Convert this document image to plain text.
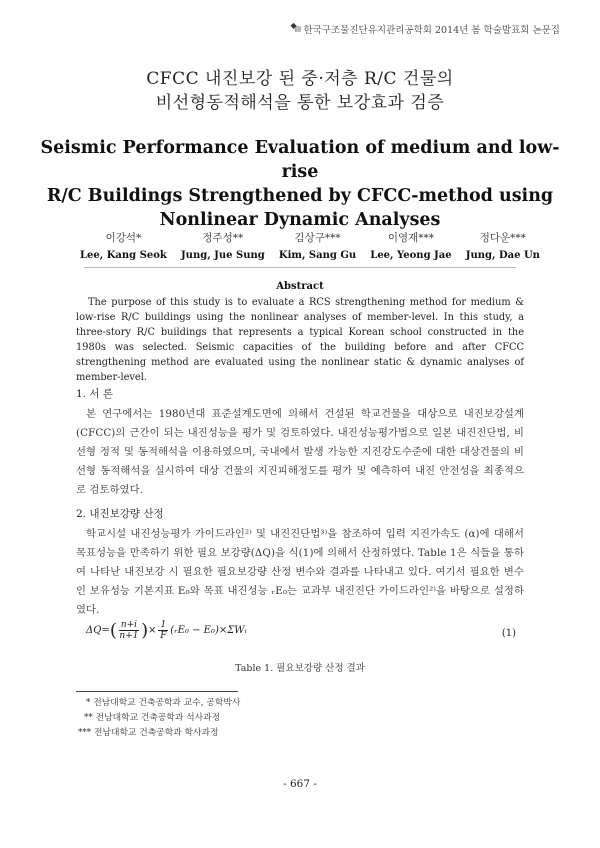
◆ ▤
한국구조물진단유지관리공학회 2014년 봄 학술발표회 논문집
CFCC 내진보강 된 중·저층 R/C 건물의
비선형동적해석을 통한 보강효과 검증
Seismic Performance Evaluation of medium and low-rise
R/C Buildings Strengthened by CFCC-method using
Nonlinear Dynamic Analyses
이강석*
Lee, Kang Seok
정주성**
Jung, Jue Sung
김상구***
Kim, Sang Gu
이영재***
Lee, Yeong Jae
정다운***
Jung, Dae Un
Abstract
The purpose of this study is to evaluate a RCS strengthening method for medium & low-rise R/C buildings using the nonlinear analyses of member-level. In this study, a three-story R/C buildings that represents a typical Korean school constructed in the 1980s was selected. Seismic capacities of the building before and after CFCC strengthening method are evaluated using the nonlinear static & dynamic analyses of member-level.
1. 서 론
본 연구에서는 1980년대 표준설계도면에 의해서 건설된 학교건물을 대상으로 내진보강설계(CFCC)의 근간이 되는 내진성능을 평가 및 검토하였다. 내진성능평가법으로 일본 내진진단법, 비선형 정적 및 동적해석을 이용하였으며, 국내에서 발생 가능한 지진강도수준에 대한 대상건물의 비선형 동적해석을 실시하여 대상 건물의 지진피해정도를 평가 및 예측하여 내진 안전성을 최종적으로 검토하였다.
2. 내진보강량 산정
학교시설 내진성능평가 가이드라인²⁾ 및 내진진단법³⁾을 참조하여 입력 지진가속도 (α)에 대해서 목표성능을 만족하기 위한 필요 보강량(ΔQ)을 식(1)에 의해서 산정하였다. Table 1은 식들을 통하여 나타난 내진보강 시 필요한 필요보강량 산정 변수와 결과를 나타내고 있다. 여기서 필요한 변수인 보유성능 기본지표 E₀와 목표 내진성능 ᵣE₀는 교과부 내진진단 가이드라인²⁾을 바탕으로 설정하였다.
ΔQ= ( $\frac{n+i}{n+1}$ ) × $\frac{1}{F}$ (ᵣE₀ − E₀)× ΣWᵢ	(1)
Table 1. 필요보강량 산정 결과
* 전남대학교 건축공학과 교수, 공학박사
** 전남대학교 건축공학과 석사과정
*** 전남대학교 건축공학과 학사과정
- 667 -
